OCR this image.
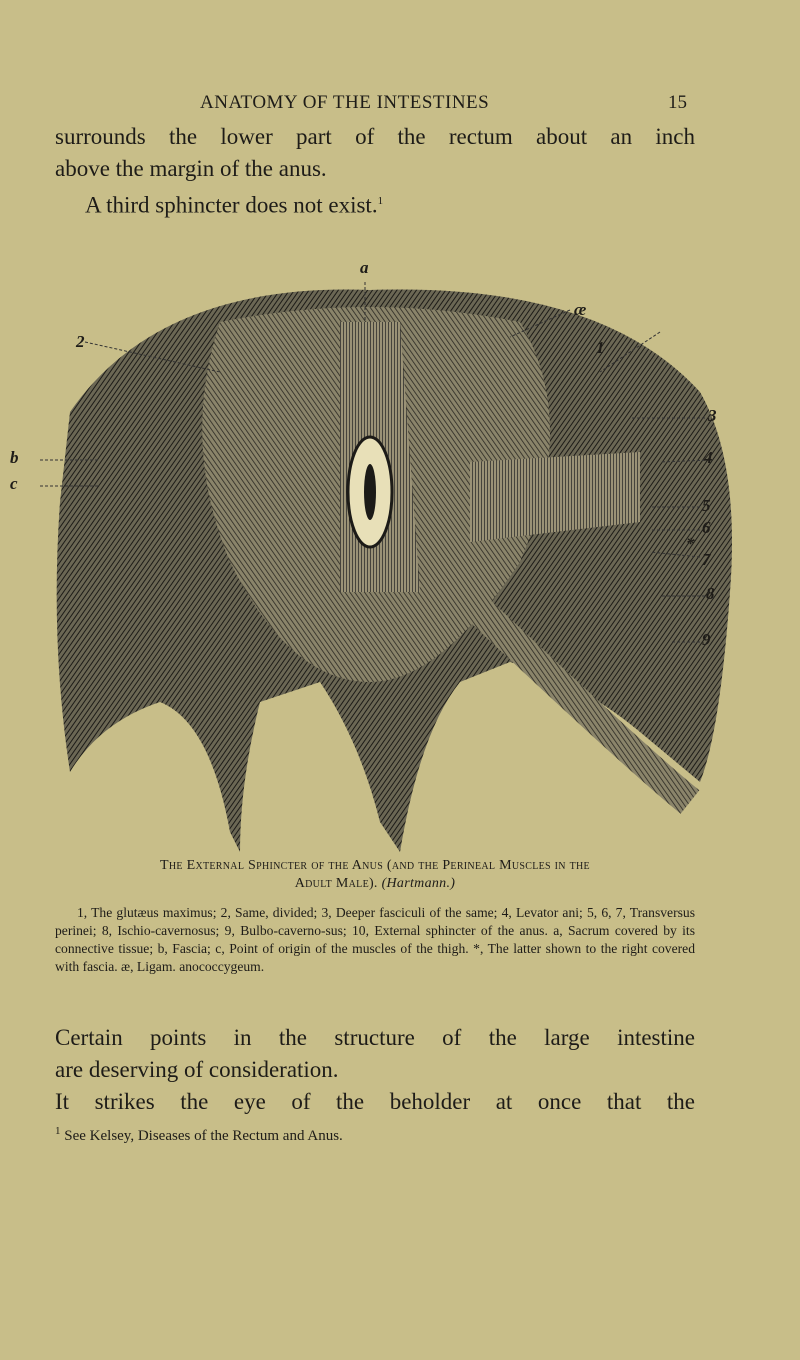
ANATOMY OF THE INTESTINES	15
surrounds the lower part of the rectum about an inch
above the margin of the anus.
A third sphincter does not exist.$^1$
a
2
æ
1
3
4
5
6
*
7
8
9
b
c
The External Sphincter of the Anus (and the Perineal Muscles in the
Adult Male). (Hartmann.)
1, The glutæus maximus; 2, Same, divided; 3, Deeper fasciculi of the same; 4, Levator ani; 5, 6, 7, Transversus perinei; 8, Ischio-cavernosus; 9, Bulbo-caverno-sus; 10, External sphincter of the anus. a, Sacrum covered by its connective tissue; b, Fascia; c, Point of origin of the muscles of the thigh. *, The latter shown to the right covered with fascia. æ, Ligam. anococcygeum.
Certain points in the structure of the large intestine
are deserving of consideration.
It strikes the eye of the beholder at once that the
$^1$ See Kelsey, Diseases of the Rectum and Anus.
